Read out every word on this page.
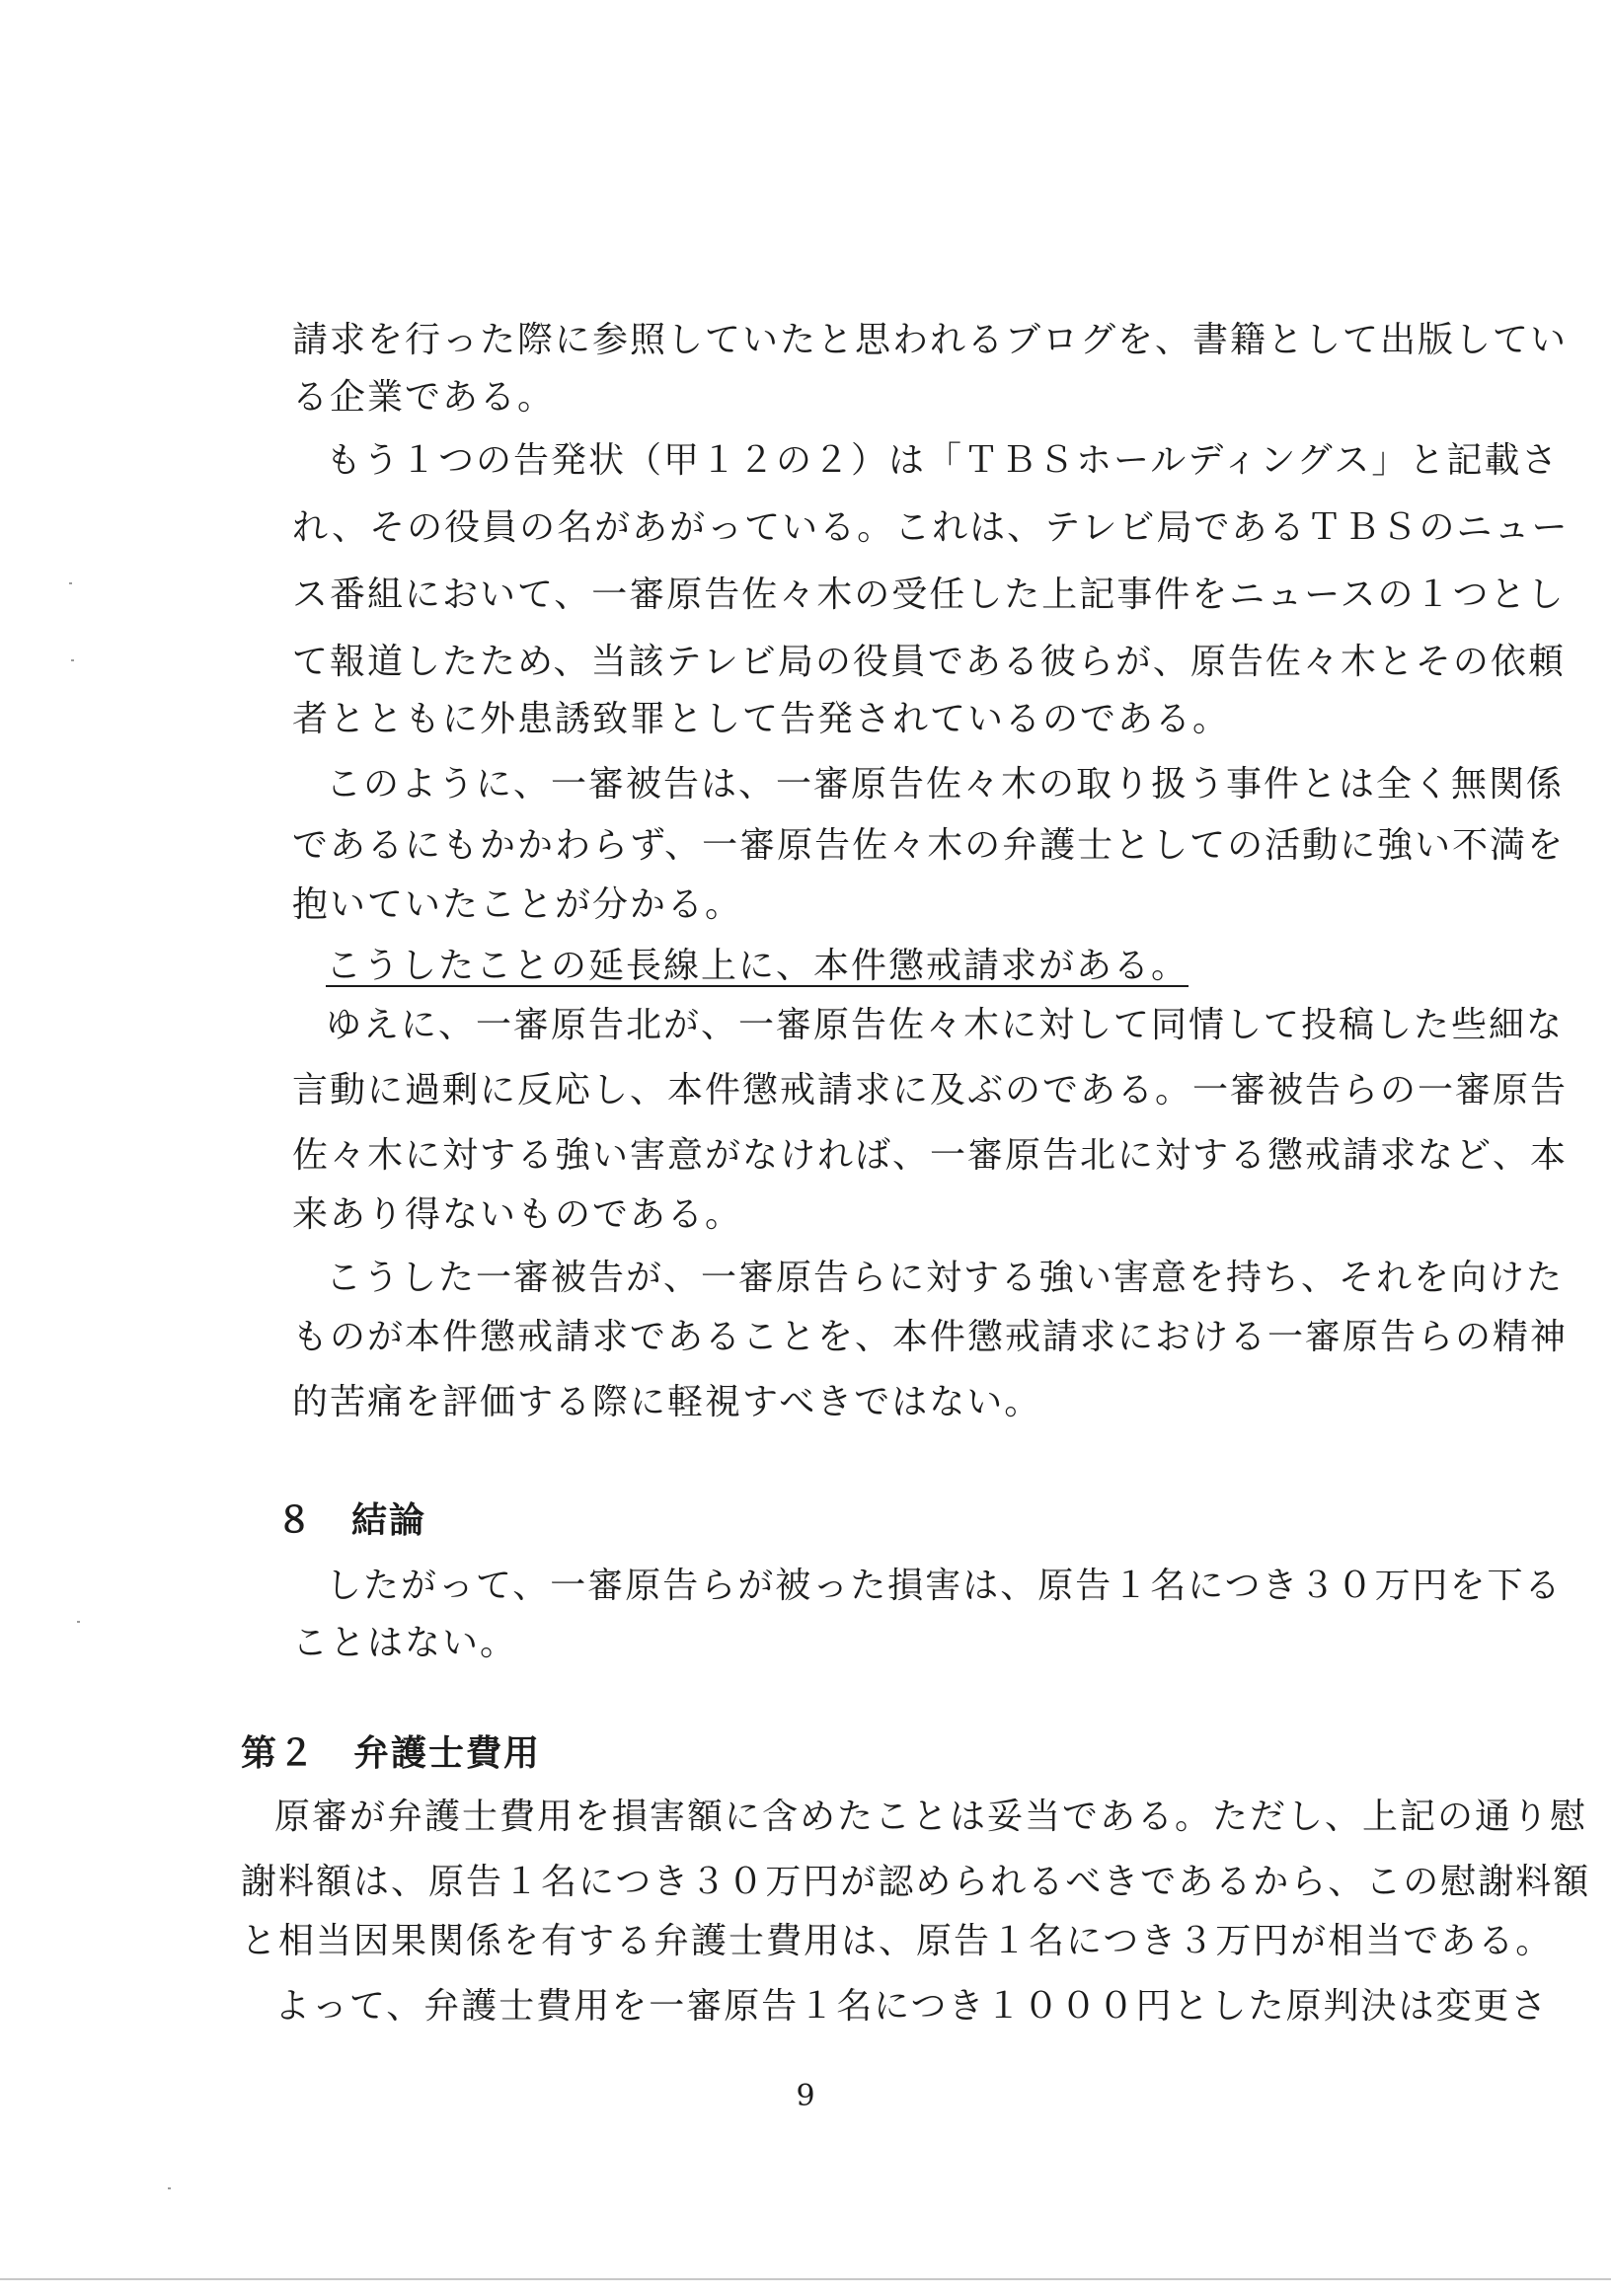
請求を行った際に参照していたと思われるブログを、書籍として出版してい
る企業である。
もう１つの告発状（甲１２の２）は「ＴＢＳホールディングス」と記載さ
れ、その役員の名があがっている。これは、テレビ局であるＴＢＳのニュー
ス番組において、一審原告佐々木の受任した上記事件をニュースの１つとし
て報道したため、当該テレビ局の役員である彼らが、原告佐々木とその依頼
者とともに外患誘致罪として告発されているのである。
このように、一審被告は、一審原告佐々木の取り扱う事件とは全く無関係
であるにもかかわらず、一審原告佐々木の弁護士としての活動に強い不満を
抱いていたことが分かる。
こうしたことの延長線上に、本件懲戒請求がある。
ゆえに、一審原告北が、一審原告佐々木に対して同情して投稿した些細な
言動に過剰に反応し、本件懲戒請求に及ぶのである。一審被告らの一審原告
佐々木に対する強い害意がなければ、一審原告北に対する懲戒請求など、本
来あり得ないものである。
こうした一審被告が、一審原告らに対する強い害意を持ち、それを向けた
ものが本件懲戒請求であることを、本件懲戒請求における一審原告らの精神
的苦痛を評価する際に軽視すべきではない。
８　結論
したがって、一審原告らが被った損害は、原告１名につき３０万円を下る
ことはない。
第２　弁護士費用
原審が弁護士費用を損害額に含めたことは妥当である。ただし、上記の通り慰
謝料額は、原告１名につき３０万円が認められるべきであるから、この慰謝料額
と相当因果関係を有する弁護士費用は、原告１名につき３万円が相当である。
よって、弁護士費用を一審原告１名につき１０００円とした原判決は変更さ
9
